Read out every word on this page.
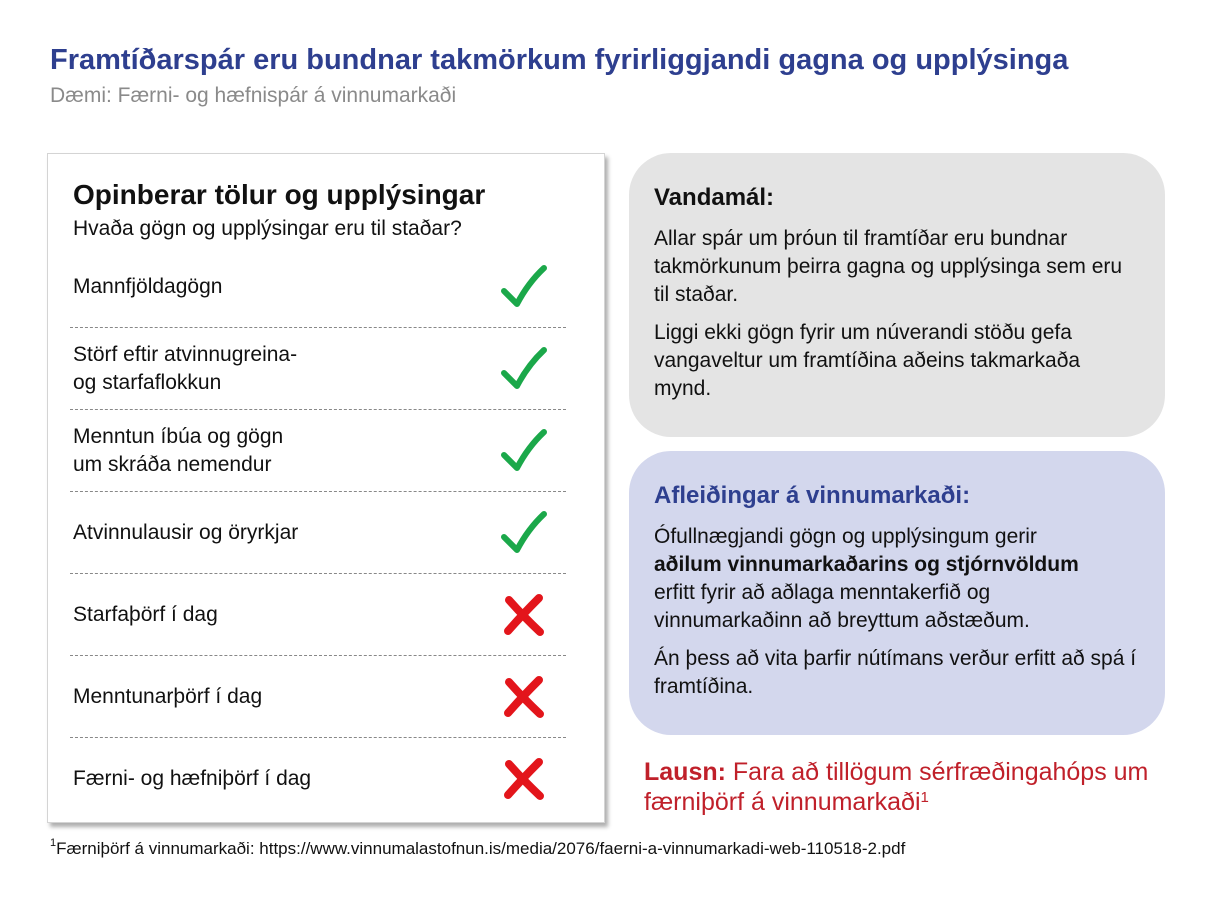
Framtíðarspár eru bundnar takmörkum fyrirliggjandi gagna og upplýsinga
Dæmi: Færni- og hæfnispár á vinnumarkaði
Opinberar tölur og upplýsingar
Hvaða gögn og upplýsingar eru til staðar?
Mannfjöldagögn
Störf eftir atvinnugreina-
og starfaflokkun
Menntun íbúa og gögn
um skráða nemendur
Atvinnulausir og öryrkjar
Starfaþörf í dag
Menntunarþörf í dag
Færni- og hæfniþörf í dag
Vandamál:

Allar spár um þróun til framtíðar eru bundnar takmörkunum þeirra gagna og upplýsinga sem eru til staðar.

Liggi ekki gögn fyrir um núverandi stöðu gefa vangaveltur um framtíðina aðeins takmarkaða mynd.

Afleiðingar á vinnumarkaði:

Ófullnægjandi gögn og upplýsingum gerir
aðilum vinnumarkaðarins og stjórnvöldum
erfitt fyrir að aðlaga menntakerfið og vinnumarkaðinn að breyttum aðstæðum.

Án þess að vita þarfir nútímans verður erfitt að spá í framtíðina.

Lausn: Fara að tillögum sérfræðingahóps um færniþörf á vinnumarkaði$^1$
$^1$Færniþörf á vinnumarkaði: https://www.vinnumalastofnun.is/media/2076/faerni-a-vinnumarkadi-web-110518-2.pdf
